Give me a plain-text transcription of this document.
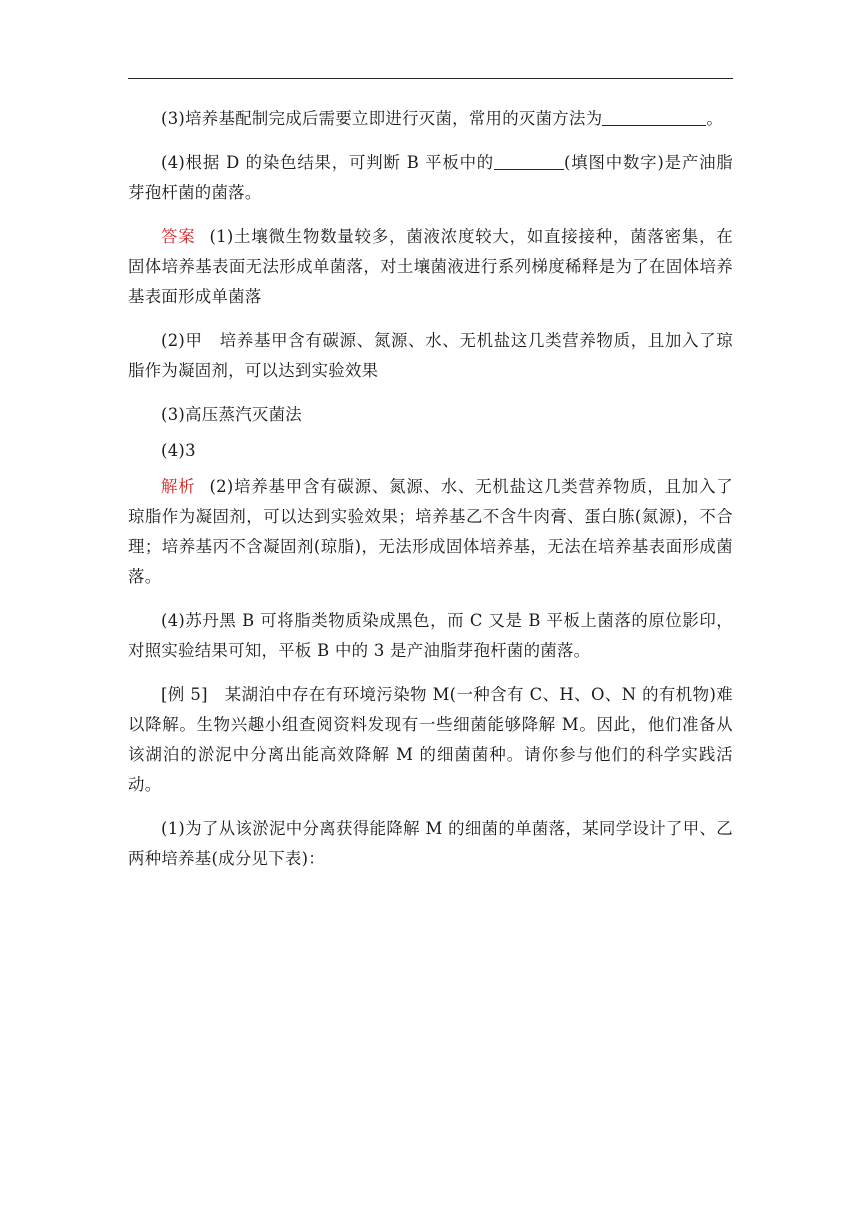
(3)培养基配制完成后需要立即进行灭菌，常用的灭菌方法为	。

(4)根据 D 的染色结果，可判断 B 平板中的	(填图中数字)是产油脂芽孢杆菌的菌落。

答案 (1)土壤微生物数量较多，菌液浓度较大，如直接接种，菌落密集，在固体培养基表面无法形成单菌落，对土壤菌液进行系列梯度稀释是为了在固体培养基表面形成单菌落

(2)甲　培养基甲含有碳源、氮源、水、无机盐这几类营养物质，且加入了琼脂作为凝固剂，可以达到实验效果

(3)高压蒸汽灭菌法

(4)3

解析 (2)培养基甲含有碳源、氮源、水、无机盐这几类营养物质，且加入了琼脂作为凝固剂，可以达到实验效果；培养基乙不含牛肉膏、蛋白胨(氮源)，不合理；培养基丙不含凝固剂(琼脂)，无法形成固体培养基，无法在培养基表面形成菌落。

(4)苏丹黑 B 可将脂类物质染成黑色，而 C 又是 B 平板上菌落的原位影印，对照实验结果可知，平板 B 中的 3 是产油脂芽孢杆菌的菌落。

[例 5]　某湖泊中存在有环境污染物 M(一种含有 C、H、O、N 的有机物)难以降解。生物兴趣小组查阅资料发现有一些细菌能够降解 M。因此，他们准备从该湖泊的淤泥中分离出能高效降解 M 的细菌菌种。请你参与他们的科学实践活动。

(1)为了从该淤泥中分离获得能降解 M 的细菌的单菌落，某同学设计了甲、乙两种培养基(成分见下表)：
